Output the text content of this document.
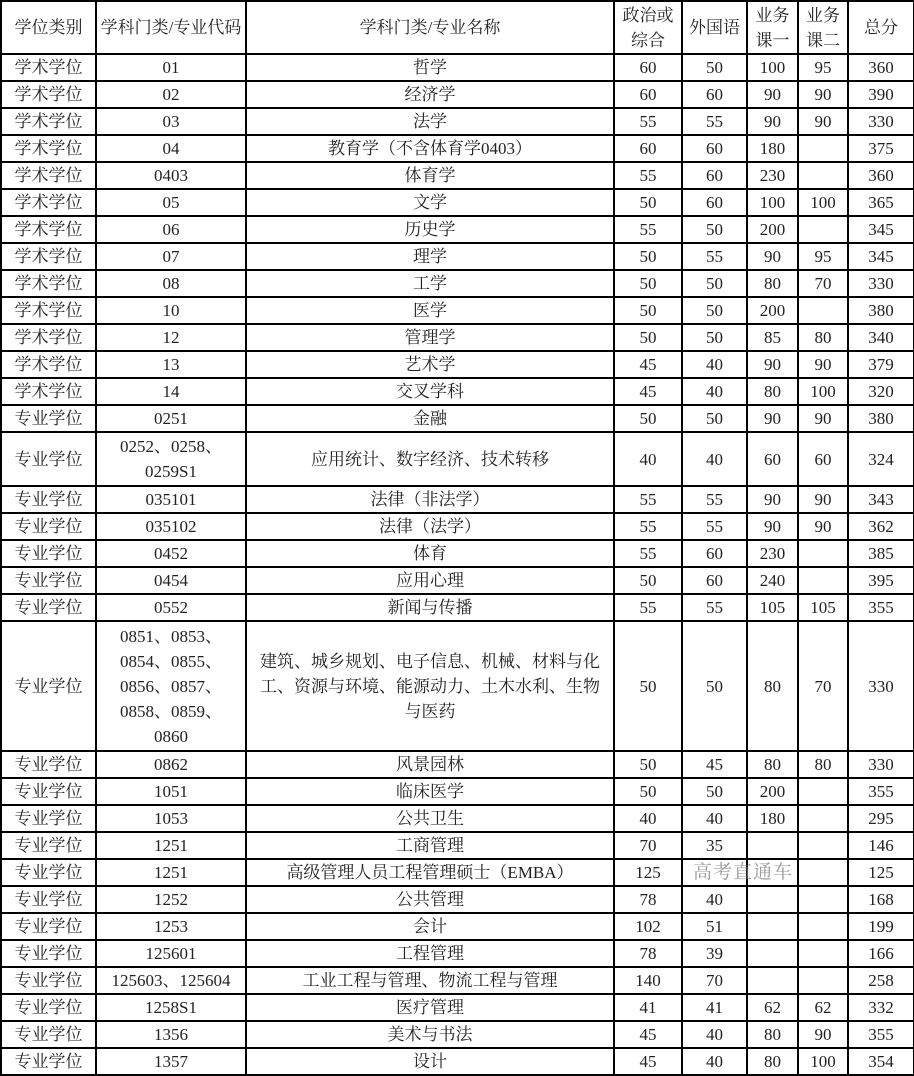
学位类别	学科门类/专业代码	学科门类/专业名称	政治或综合	外国语	业务课一	业务课二	总分
学术学位	01	哲学	60	50	100	95	360
学术学位	02	经济学	60	60	90	90	390
学术学位	03	法学	55	55	90	90	330
学术学位	04	教育学（不含体育学0403）	60	60	180		375
学术学位	0403	体育学	55	60	230		360
学术学位	05	文学	50	60	100	100	365
学术学位	06	历史学	55	50	200		345
学术学位	07	理学	50	55	90	95	345
学术学位	08	工学	50	50	80	70	330
学术学位	10	医学	50	50	200		380
学术学位	12	管理学	50	50	85	80	340
学术学位	13	艺术学	45	40	90	90	379
学术学位	14	交叉学科	45	40	80	100	320
专业学位	0251	金融	50	50	90	90	380
专业学位	0252、0258、0259S1	应用统计、数字经济、技术转移	40	40	60	60	324
专业学位	035101	法律（非法学）	55	55	90	90	343
专业学位	035102	法律（法学）	55	55	90	90	362
专业学位	0452	体育	55	60	230		385
专业学位	0454	应用心理	50	60	240		395
专业学位	0552	新闻与传播	55	55	105	105	355
专业学位	0851、0853、0854、0855、0856、0857、0858、0859、0860	建筑、城乡规划、电子信息、机械、材料与化工、资源与环境、能源动力、土木水利、生物与医药	50	50	80	70	330
专业学位	0862	风景园林	50	45	80	80	330
专业学位	1051	临床医学	50	50	200		355
专业学位	1053	公共卫生	40	40	180		295
专业学位	1251	工商管理	70	35			146
专业学位	1251	高级管理人员工程管理硕士（EMBA）	125	高考直通车			125
专业学位	1252	公共管理	78	40			168
专业学位	1253	会计	102	51			199
专业学位	125601	工程管理	78	39			166
专业学位	125603、125604	工业工程与管理、物流工程与管理	140	70			258
专业学位	1258S1	医疗管理	41	41	62	62	332
专业学位	1356	美术与书法	45	40	80	90	355
专业学位	1357	设计	45	40	80	100	354
